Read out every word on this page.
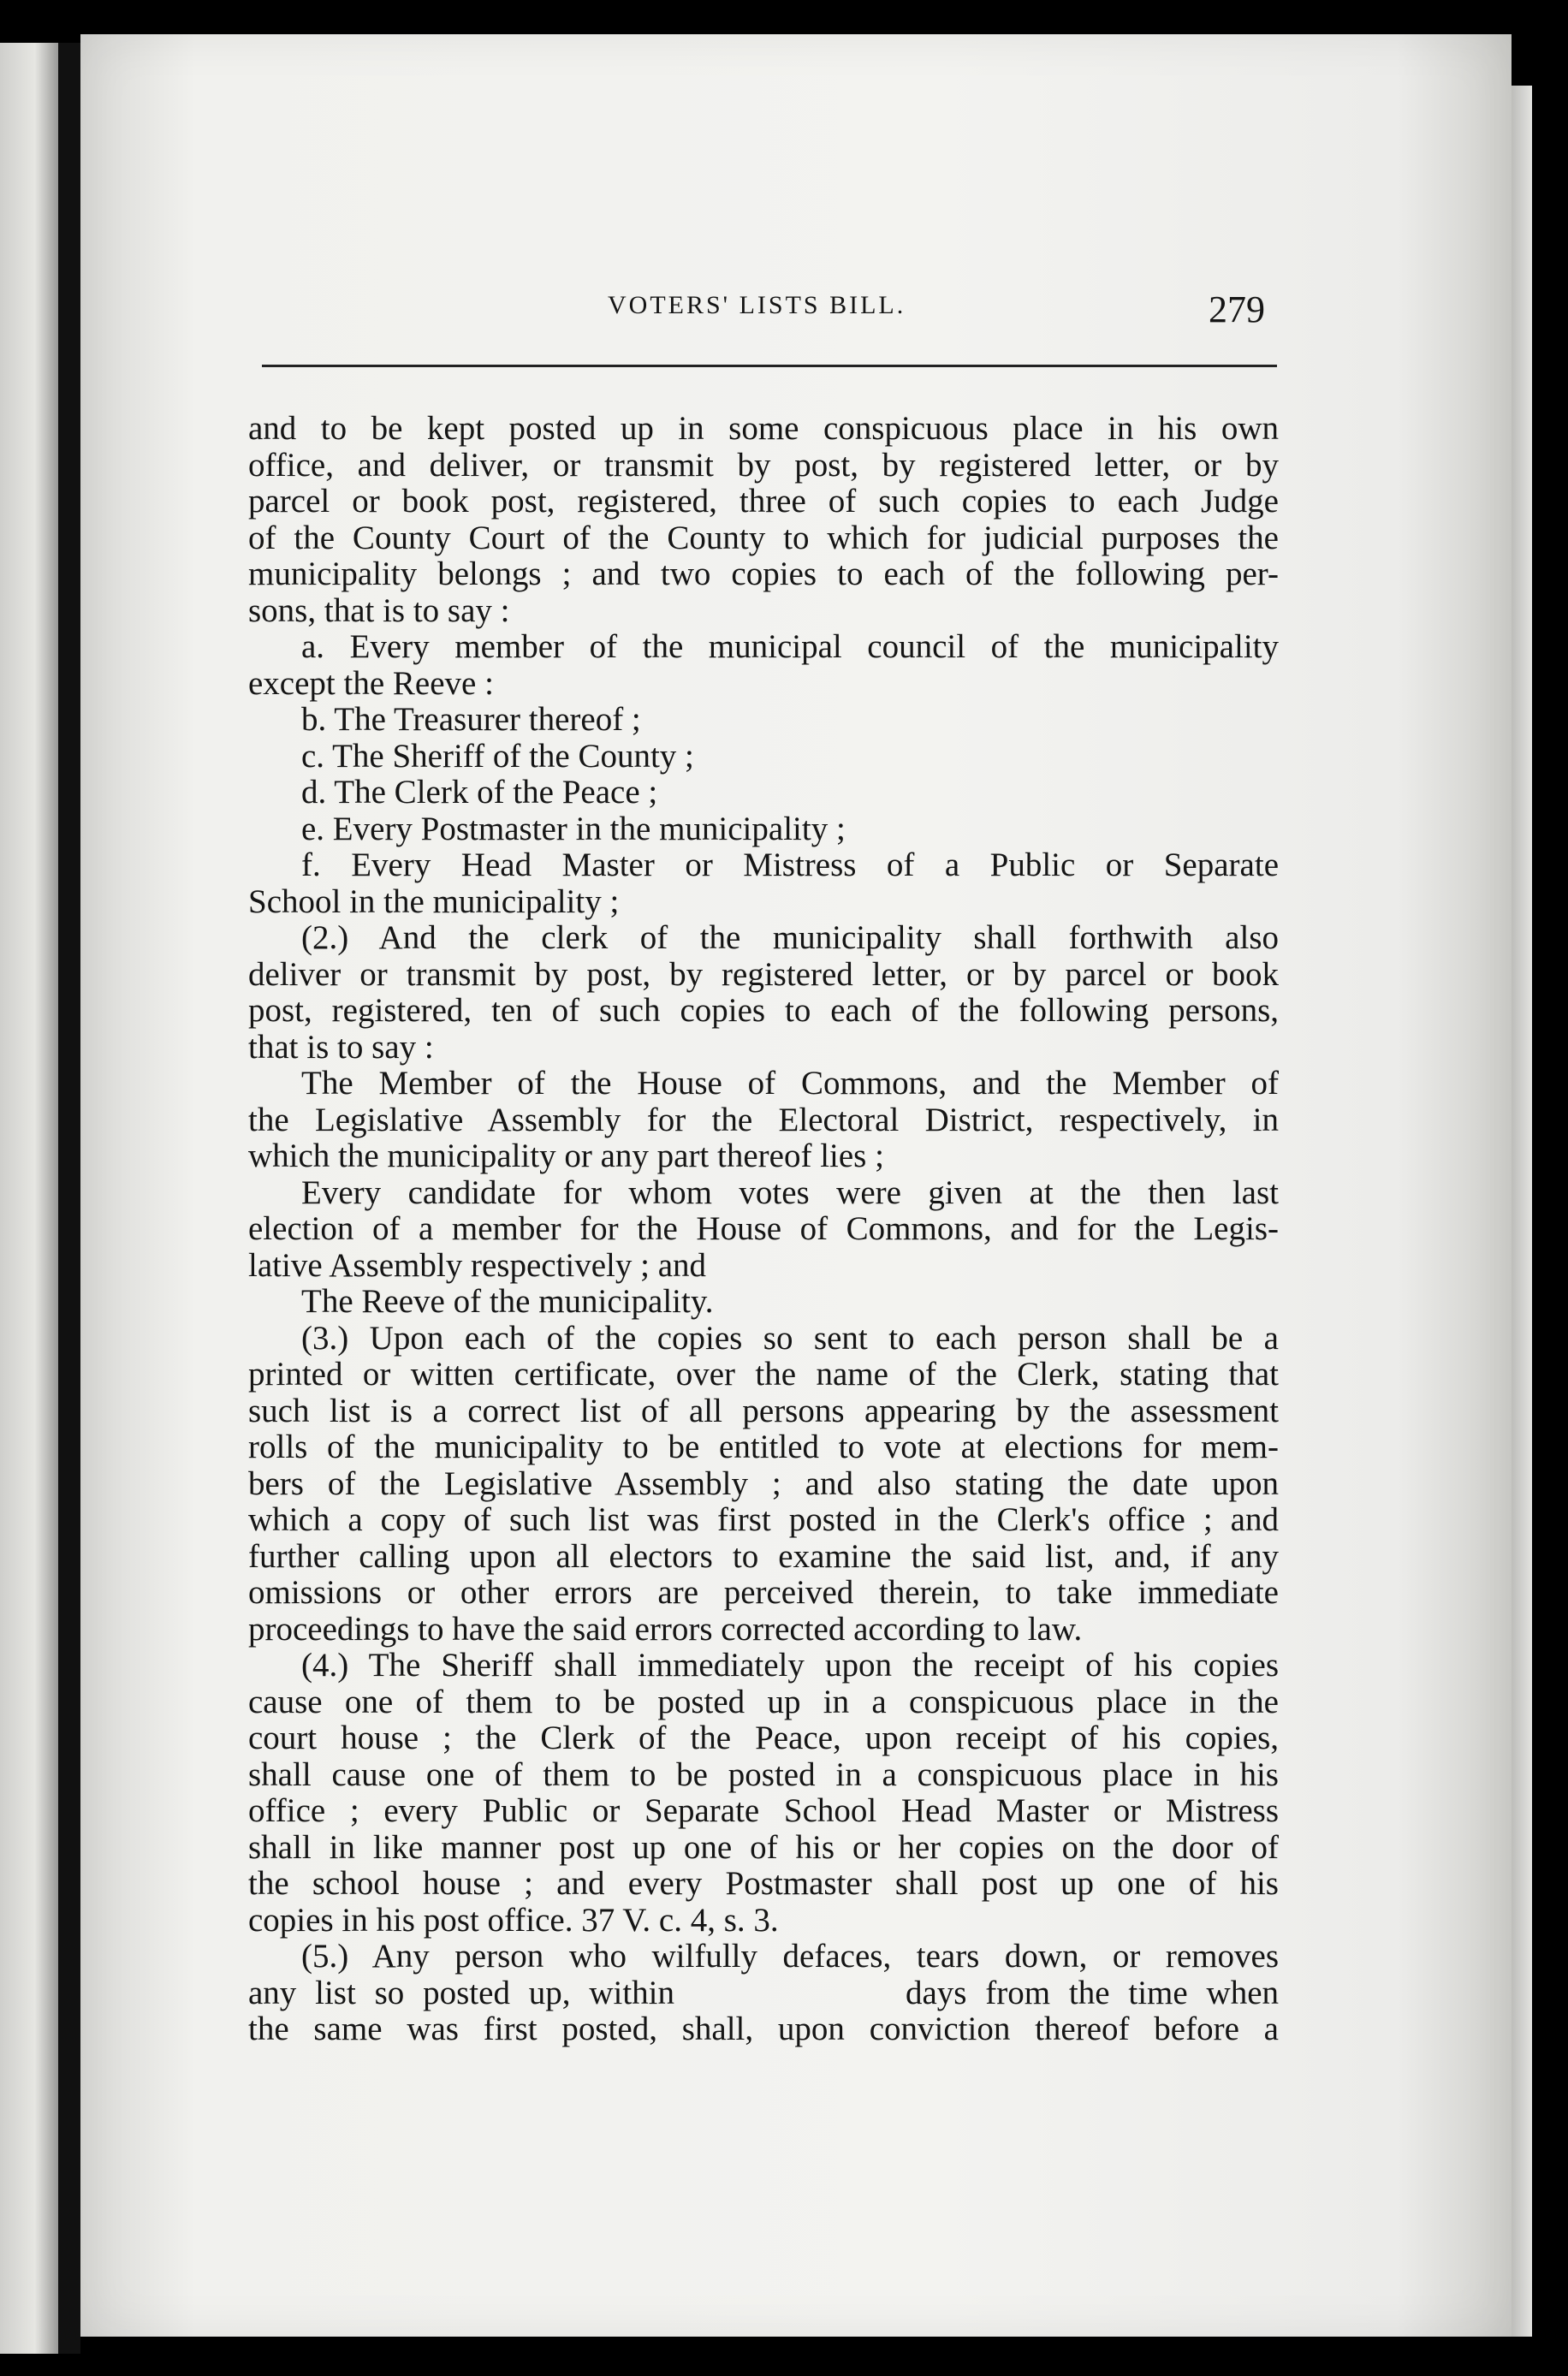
VOTERS' LISTS BILL.	279
and to be kept posted up in some conspicuous place in his own
office, and deliver, or transmit by post, by registered letter, or by
parcel or book post, registered, three of such copies to each Judge
of the County Court of the County to which for judicial purposes the
municipality belongs ; and two copies to each of the following per-
sons, that is to say :
a. Every member of the municipal council of the municipality
except the Reeve :
b. The Treasurer thereof ;
c. The Sheriff of the County ;
d. The Clerk of the Peace ;
e. Every Postmaster in the municipality ;
f. Every Head Master or Mistress of a Public or Separate
School in the municipality ;
(2.) And the clerk of the municipality shall forthwith also
deliver or transmit by post, by registered letter, or by parcel or book
post, registered, ten of such copies to each of the following persons,
that is to say :
The Member of the House of Commons, and the Member of
the Legislative Assembly for the Electoral District, respectively, in
which the municipality or any part thereof lies ;
Every candidate for whom votes were given at the then last
election of a member for the House of Commons, and for the Legis-
lative Assembly respectively ; and
The Reeve of the municipality.
(3.) Upon each of the copies so sent to each person shall be a
printed or witten certificate, over the name of the Clerk, stating that
such list is a correct list of all persons appearing by the assessment
rolls of the municipality to be entitled to vote at elections for mem-
bers of the Legislative Assembly ; and also stating the date upon
which a copy of such list was first posted in the Clerk's office ; and
further calling upon all electors to examine the said list, and, if any
omissions or other errors are perceived therein, to take immediate
proceedings to have the said errors corrected according to law.
(4.) The Sheriff shall immediately upon the receipt of his copies
cause one of them to be posted up in a conspicuous place in the
court house ; the Clerk of the Peace, upon receipt of his copies,
shall cause one of them to be posted in a conspicuous place in his
office ; every Public or Separate School Head Master or Mistress
shall in like manner post up one of his or her copies on the door of
the school house ; and every Postmaster shall post up one of his
copies in his post office. 37 V. c. 4, s. 3.
(5.) Any person who wilfully defaces, tears down, or removes
any list so posted up, within	days from the time when
the same was first posted, shall, upon conviction thereof before a
